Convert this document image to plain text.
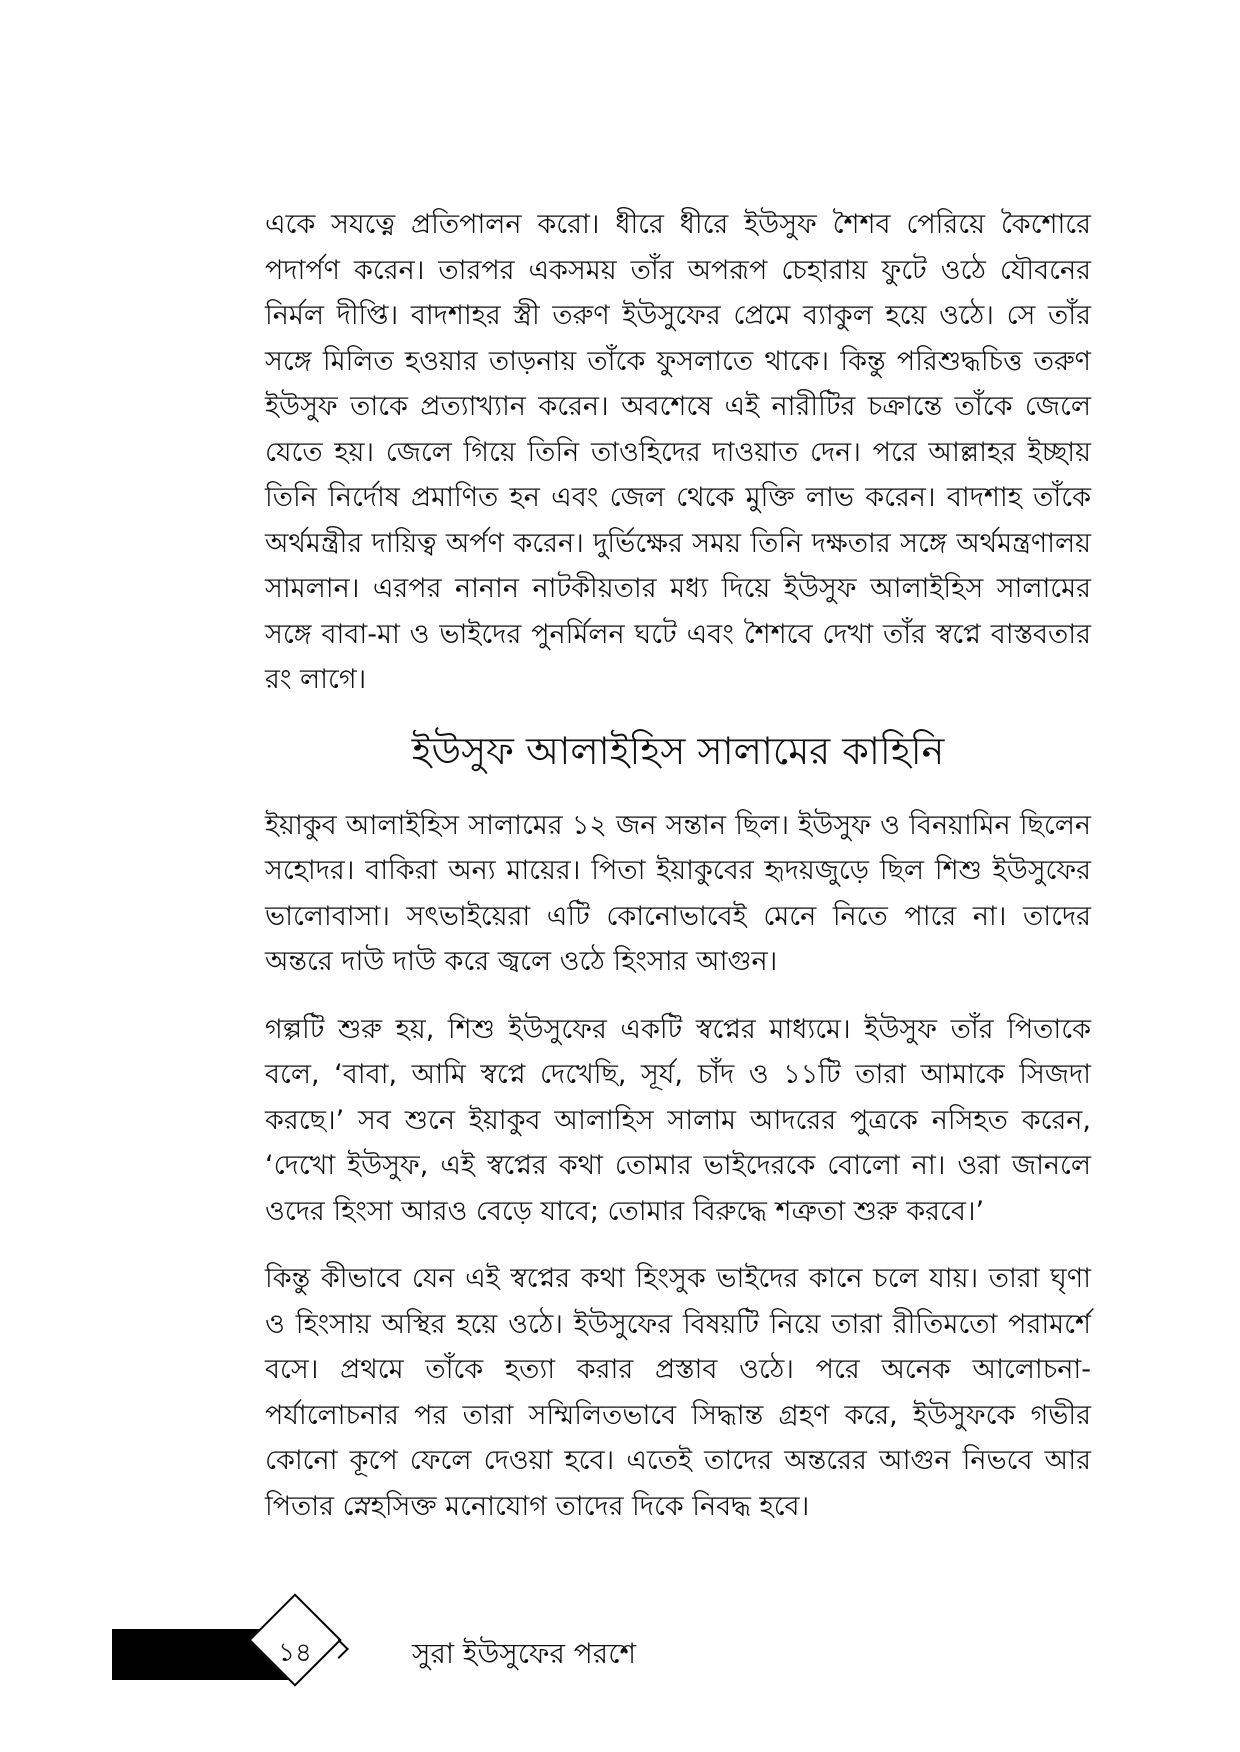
একে সযত্নে প্রতিপালন করো। ধীরে ধীরে ইউসুফ শৈশব পেরিয়ে কৈশোরে পদার্পণ করেন। তারপর একসময় তাঁর অপরূপ চেহারায় ফুটে ওঠে যৌবনের নির্মল দীপ্তি। বাদশাহর স্ত্রী তরুণ ইউসুফের প্রেমে ব্যাকুল হয়ে ওঠে। সে তাঁর সঙ্গে মিলিত হওয়ার তাড়নায় তাঁকে ফুসলাতে থাকে। কিন্তু পরিশুদ্ধচিত্ত তরুণ ইউসুফ তাকে প্রত্যাখ্যান করেন। অবশেষে এই নারীটির চক্রান্তে তাঁকে জেলে যেতে হয়। জেলে গিয়ে তিনি তাওহিদের দাওয়াত দেন। পরে আল্লাহর ইচ্ছায় তিনি নির্দোষ প্রমাণিত হন এবং জেল থেকে মুক্তি লাভ করেন। বাদশাহ তাঁকে অর্থমন্ত্রীর দায়িত্ব অর্পণ করেন। দুর্ভিক্ষের সময় তিনি দক্ষতার সঙ্গে অর্থমন্ত্রণালয় সামলান। এরপর নানান নাটকীয়তার মধ্য দিয়ে ইউসুফ আলাইহিস সালামের সঙ্গে বাবা-মা ও ভাইদের পুনর্মিলন ঘটে এবং শৈশবে দেখা তাঁর স্বপ্নে বাস্তবতার রং লাগে।

ইউসুফ আলাইহিস সালামের কাহিনি

ইয়াকুব আলাইহিস সালামের ১২ জন সন্তান ছিল। ইউসুফ ও বিনয়ামিন ছিলেন সহোদর। বাকিরা অন্য মায়ের। পিতা ইয়াকুবের হৃদয়জুড়ে ছিল শিশু ইউসুফের ভালোবাসা। সৎভাইয়েরা এটি কোনোভাবেই মেনে নিতে পারে না। তাদের অন্তরে দাউ দাউ করে জ্বলে ওঠে হিংসার আগুন।

গল্পটি শুরু হয়, শিশু ইউসুফের একটি স্বপ্নের মাধ্যমে। ইউসুফ তাঁর পিতাকে বলে, ‘বাবা, আমি স্বপ্নে দেখেছি, সূর্য, চাঁদ ও ১১টি তারা আমাকে সিজদা করছে।’ সব শুনে ইয়াকুব আলাহিস সালাম আদরের পুত্রকে নসিহত করেন, ‘দেখো ইউসুফ, এই স্বপ্নের কথা তোমার ভাইদেরকে বোলো না। ওরা জানলে ওদের হিংসা আরও বেড়ে যাবে; তোমার বিরুদ্ধে শত্রুতা শুরু করবে।’

কিন্তু কীভাবে যেন এই স্বপ্নের কথা হিংসুক ভাইদের কানে চলে যায়। তারা ঘৃণা ও হিংসায় অস্থির হয়ে ওঠে। ইউসুফের বিষয়টি নিয়ে তারা রীতিমতো পরামর্শে বসে। প্রথমে তাঁকে হত্যা করার প্রস্তাব ওঠে। পরে অনেক আলোচনা-পর্যালোচনার পর তারা সম্মিলিতভাবে সিদ্ধান্ত গ্রহণ করে, ইউসুফকে গভীর কোনো কূপে ফেলে দেওয়া হবে। এতেই তাদের অন্তরের আগুন নিভবে আর পিতার স্নেহসিক্ত মনোযোগ তাদের দিকে নিবদ্ধ হবে।

১৪	সুরা ইউসুফের পরশে
